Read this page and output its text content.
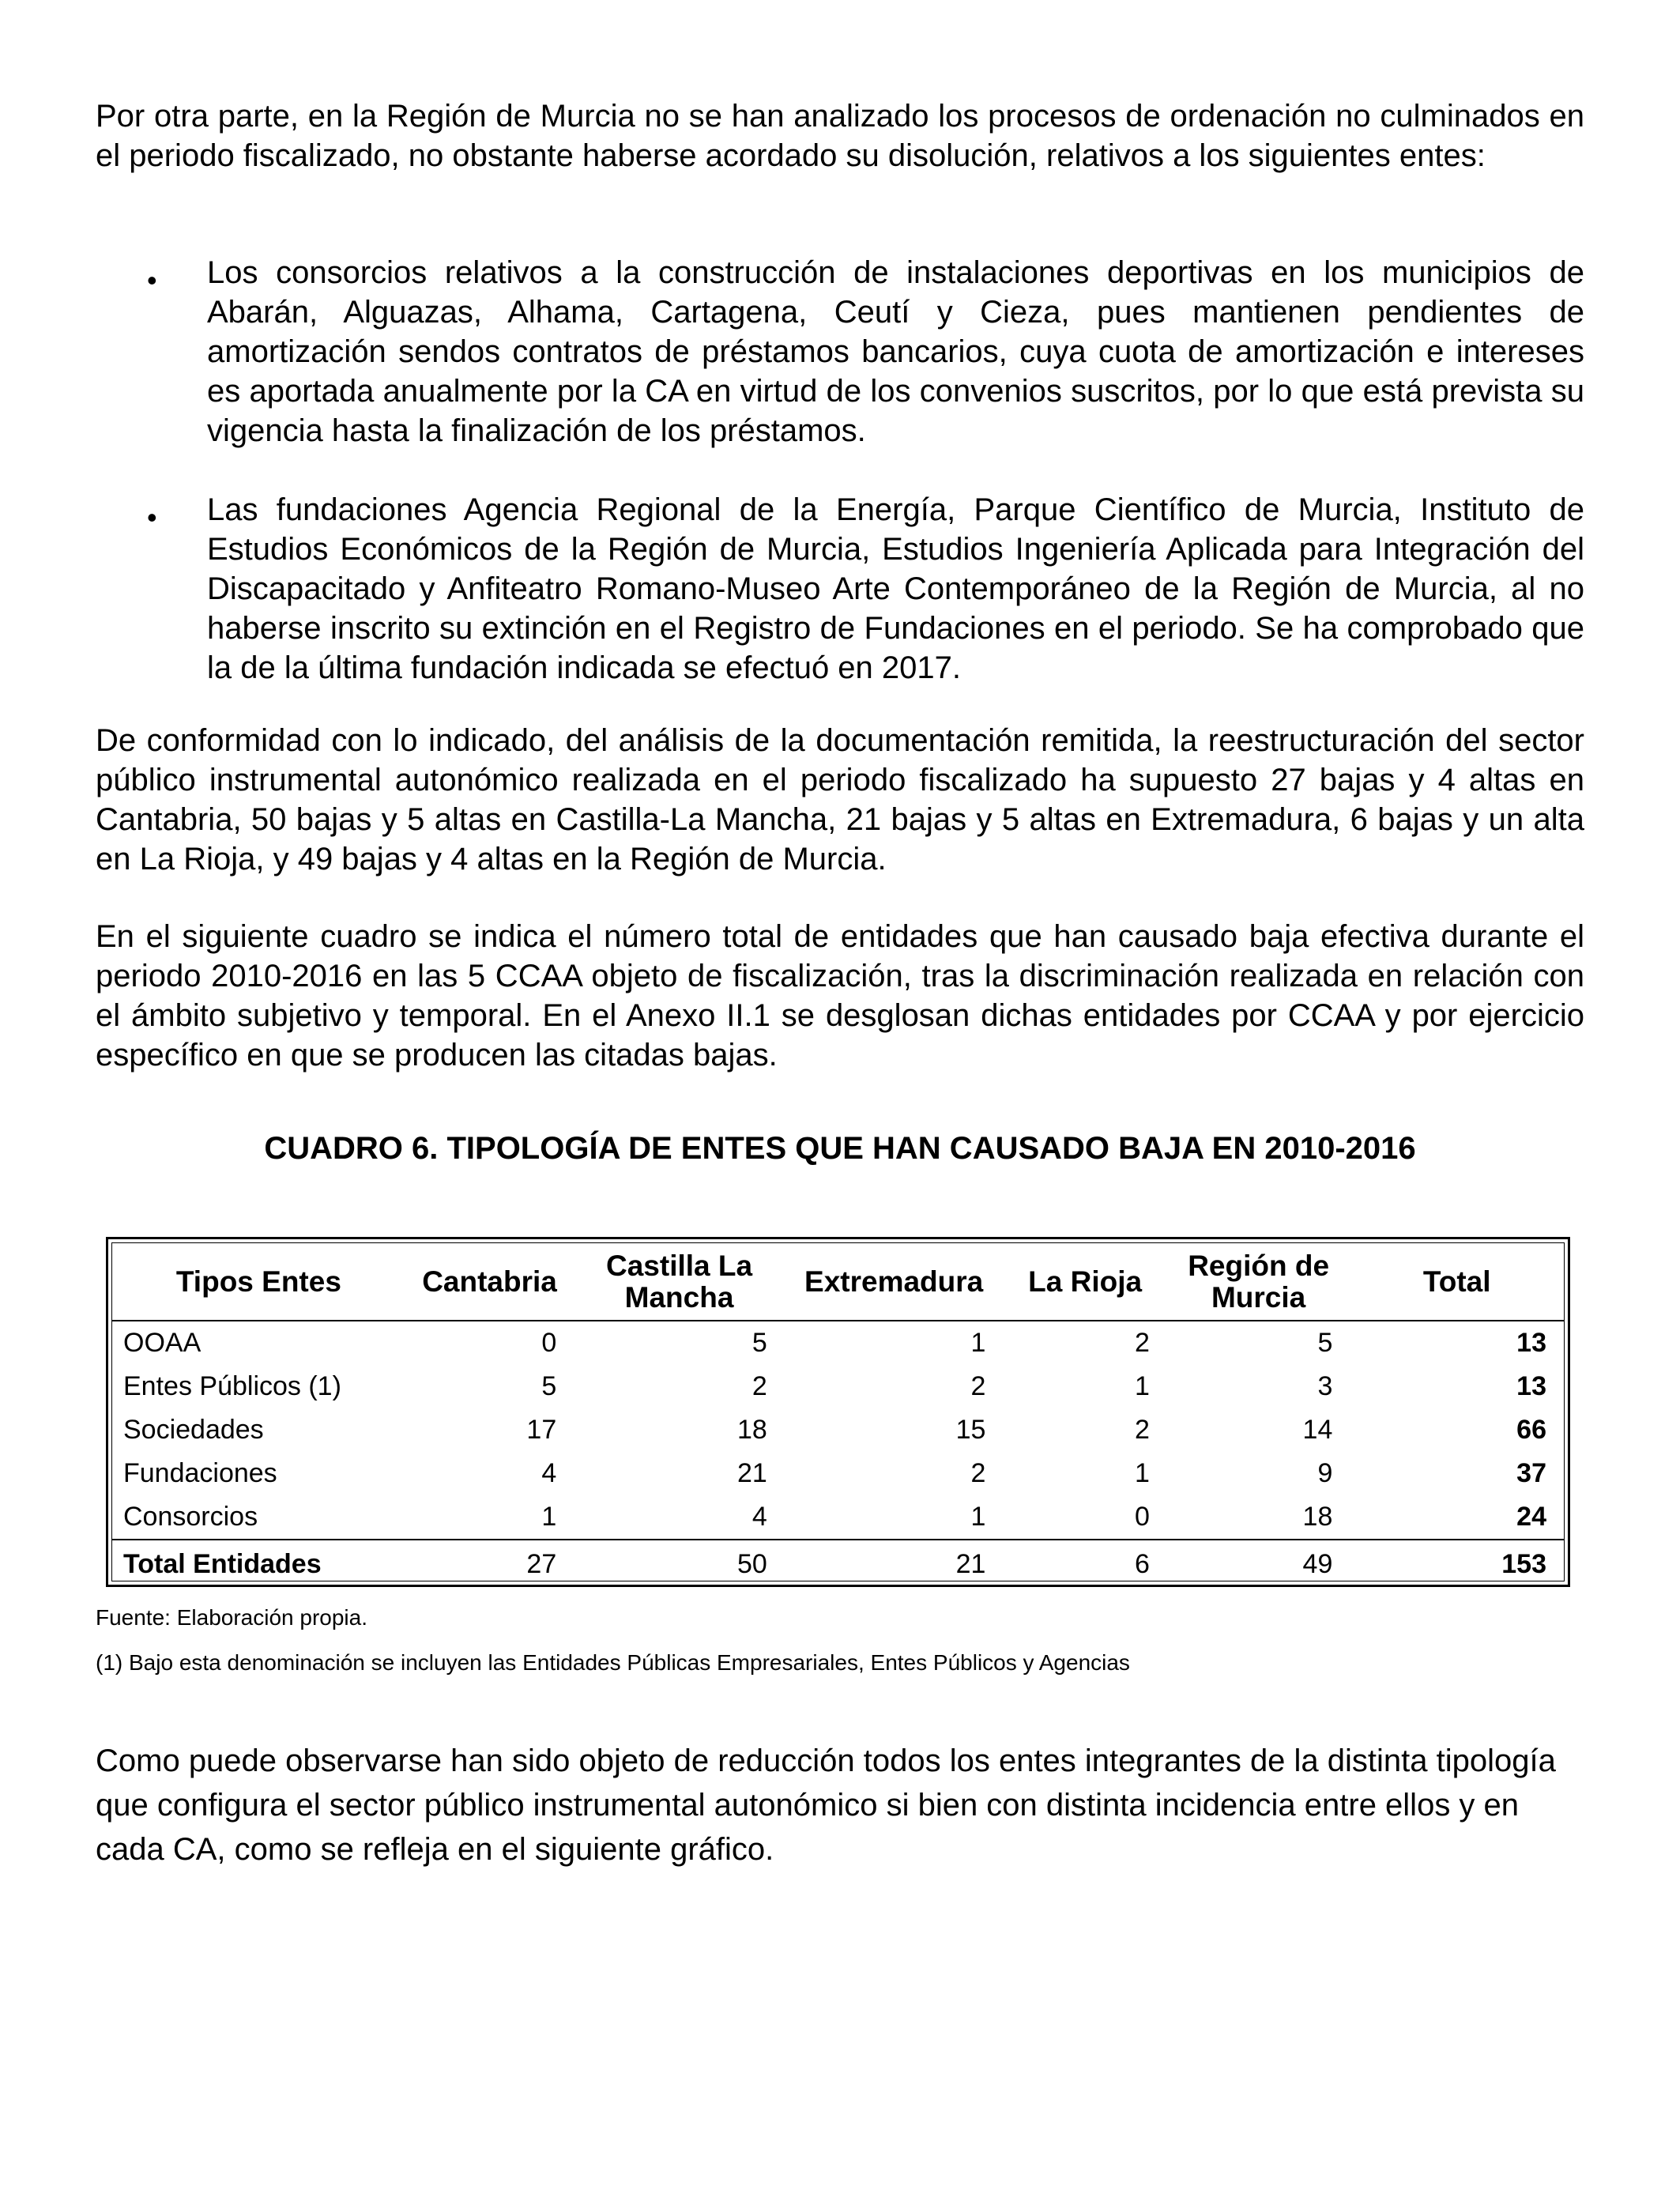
Por otra parte, en la Región de Murcia no se han analizado los procesos de ordenación no culminados en el periodo fiscalizado, no obstante haberse acordado su disolución, relativos a los siguientes entes:

• Los consorcios relativos a la construcción de instalaciones deportivas en los municipios de Abarán, Alguazas, Alhama, Cartagena, Ceutí y Cieza, pues mantienen pendientes de amortización sendos contratos de préstamos bancarios, cuya cuota de amortización e intereses es aportada anualmente por la CA en virtud de los convenios suscritos, por lo que está prevista su vigencia hasta la finalización de los préstamos.

• Las fundaciones Agencia Regional de la Energía, Parque Científico de Murcia, Instituto de Estudios Económicos de la Región de Murcia, Estudios Ingeniería Aplicada para Integración del Discapacitado y Anfiteatro Romano-Museo Arte Contemporáneo de la Región de Murcia, al no haberse inscrito su extinción en el Registro de Fundaciones en el periodo. Se ha comprobado que la de la última fundación indicada se efectuó en 2017.

De conformidad con lo indicado, del análisis de la documentación remitida, la reestructuración del sector público instrumental autonómico realizada en el periodo fiscalizado ha supuesto 27 bajas y 4 altas en Cantabria, 50 bajas y 5 altas en Castilla-La Mancha, 21 bajas y 5 altas en Extremadura, 6 bajas y un alta en La Rioja, y 49 bajas y 4 altas en la Región de Murcia.

En el siguiente cuadro se indica el número total de entidades que han causado baja efectiva durante el periodo 2010-2016 en las 5 CCAA objeto de fiscalización, tras la discriminación realizada en relación con el ámbito subjetivo y temporal. En el Anexo II.1 se desglosan dichas entidades por CCAA y por ejercicio específico en que se producen las citadas bajas.

CUADRO 6. TIPOLOGÍA DE ENTES QUE HAN CAUSADO BAJA EN 2010-2016

Tipos Entes	Cantabria	Castilla La Mancha	Extremadura	La Rioja	Región de Murcia	Total
OOAA	0	5	1	2	5	13
Entes Públicos (1)	5	2	2	1	3	13
Sociedades	17	18	15	2	14	66
Fundaciones	4	21	2	1	9	37
Consorcios	1	4	1	0	18	24
Total Entidades	27	50	21	6	49	153

Fuente: Elaboración propia.

(1) Bajo esta denominación se incluyen las Entidades Públicas Empresariales, Entes Públicos y Agencias

Como puede observarse han sido objeto de reducción todos los entes integrantes de la distinta tipología que configura el sector público instrumental autonómico si bien con distinta incidencia entre ellos y en cada CA, como se refleja en el siguiente gráfico.
